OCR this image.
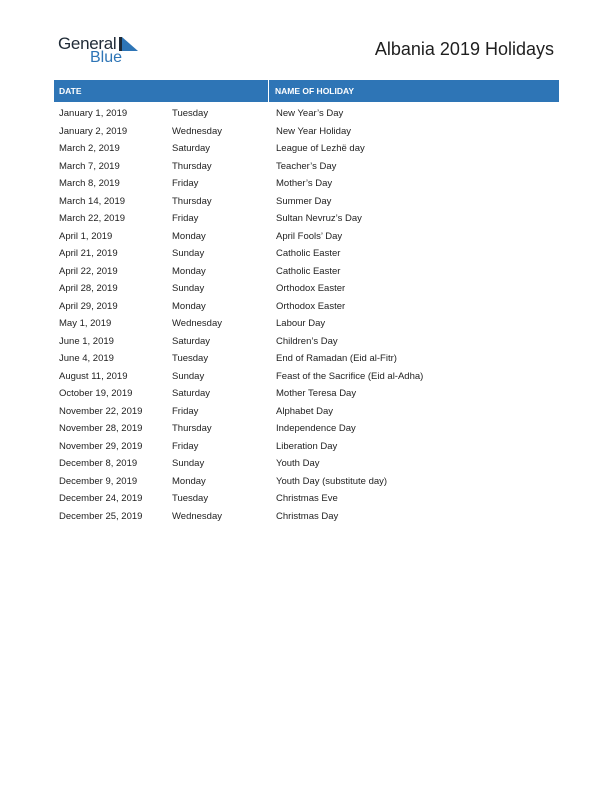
General
Blue	Albania 2019 Holidays
DATE	NAME OF HOLIDAY
January 1, 2019	Tuesday	New Year’s Day
January 2, 2019	Wednesday	New Year Holiday
March 2, 2019	Saturday	League of Lezhë day
March 7, 2019	Thursday	Teacher’s Day
March 8, 2019	Friday	Mother’s Day
March 14, 2019	Thursday	Summer Day
March 22, 2019	Friday	Sultan Nevruz’s Day
April 1, 2019	Monday	April Fools’ Day
April 21, 2019	Sunday	Catholic Easter
April 22, 2019	Monday	Catholic Easter
April 28, 2019	Sunday	Orthodox Easter
April 29, 2019	Monday	Orthodox Easter
May 1, 2019	Wednesday	Labour Day
June 1, 2019	Saturday	Children’s Day
June 4, 2019	Tuesday	End of Ramadan (Eid al-Fitr)
August 11, 2019	Sunday	Feast of the Sacrifice (Eid al-Adha)
October 19, 2019	Saturday	Mother Teresa Day
November 22, 2019	Friday	Alphabet Day
November 28, 2019	Thursday	Independence Day
November 29, 2019	Friday	Liberation Day
December 8, 2019	Sunday	Youth Day
December 9, 2019	Monday	Youth Day (substitute day)
December 24, 2019	Tuesday	Christmas Eve
December 25, 2019	Wednesday	Christmas Day
